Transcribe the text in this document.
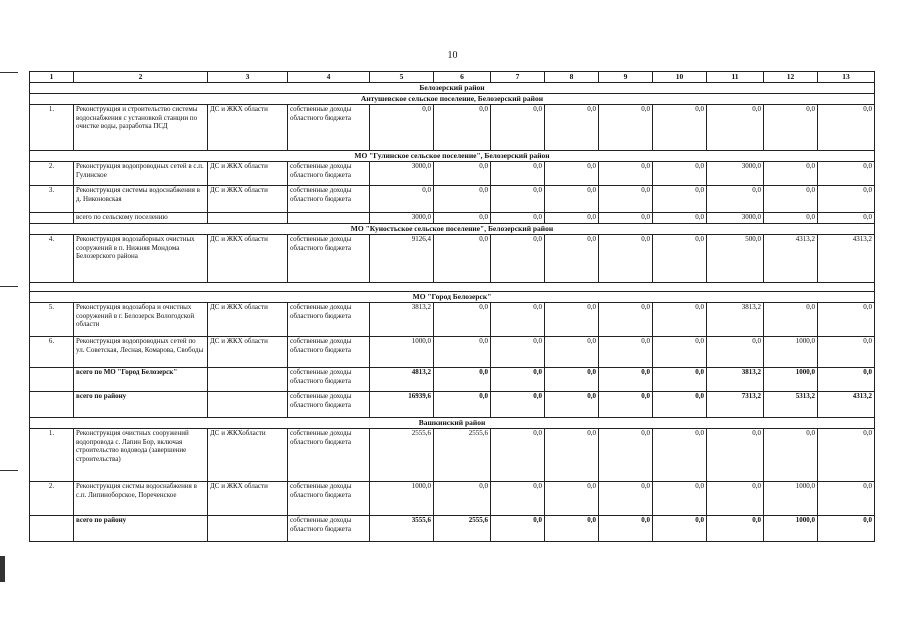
10
1	2	3	4	5	6	7	8	9	10	11	12	13
Белозерский район												
Антушевское сельское поселение, Белозерский район												
1.	Реконструкция и строительство системы водоснабжения с установкой станции по очистке воды, разработка ПСД	ДС и ЖКХ области	собственные доходы областного бюджета	0,0	0,0	0,0	0,0	0,0	0,0	0,0	0,0	0,0
МО "Гулинское сельское поселение", Белозерский район												
2.	Реконструкция водопроводных сетей в с.п. Гулинское	ДС и ЖКХ области	собственные доходы областного бюджета	3000,0	0,0	0,0	0,0	0,0	0,0	3000,0	0,0	0,0
3.	Реконструкция системы водоснабжения в д. Никоновская	ДС и ЖКХ области	собственные доходы областного бюджета	0,0	0,0	0,0	0,0	0,0	0,0	0,0	0,0	0,0
	всего по сельскому поселению			3000,0	0,0	0,0	0,0	0,0	0,0	3000,0	0,0	0,0
МО "Куностьское сельское поселение", Белозерский район												
4.	Реконструкция водозаборных очистных сооружений в п. Нижняя Мондома Белозерского района	ДС и ЖКХ области	собственные доходы областного бюджета	9126,4	0,0	0,0	0,0	0,0	0,0	500,0	4313,2	4313,2

МО "Город Белозерск"												
5.	Реконструкция водозабора и очистных сооружений в г. Белозерск Вологодской области	ДС и ЖКХ области	собственные доходы областного бюджета	3813,2	0,0	0,0	0,0	0,0	0,0	3813,2	0,0	0,0
6.	Реконструкция водопроводных сетей по ул. Советская, Лесная, Комарова, Свободы	ДС и ЖКХ области	собственные доходы областного бюджета	1000,0	0,0	0,0	0,0	0,0	0,0	0,0	1000,0	0,0
	всего по МО "Город Белозерск"		собственные доходы областного бюджета	4813,2	0,0	0,0	0,0	0,0	0,0	3813,2	1000,0	0,0
	всего по району		собственные доходы областного бюджета	16939,6	0,0	0,0	0,0	0,0	0,0	7313,2	5313,2	4313,2
Вашкинский район												
1.	Реконструкция очистных сооружений водопровода с. Лапин Бор, включая строительство водовода (завершение строительства)	ДС и ЖКХобласти	собственные доходы областного бюджета	2555,6	2555,6	0,0	0,0	0,0	0,0	0,0	0,0	0,0
2.	Реконструкция систмы водоснабжения в с.п. Липиноборское, Пореченское	ДС и ЖКХ области	собственные доходы областного бюджета	1000,0	0,0	0,0	0,0	0,0	0,0	0,0	1000,0	0,0
	всего по району		собственные доходы областного бюджета	3555,6	2555,6	0,0	0,0	0,0	0,0	0,0	1000,0	0,0
